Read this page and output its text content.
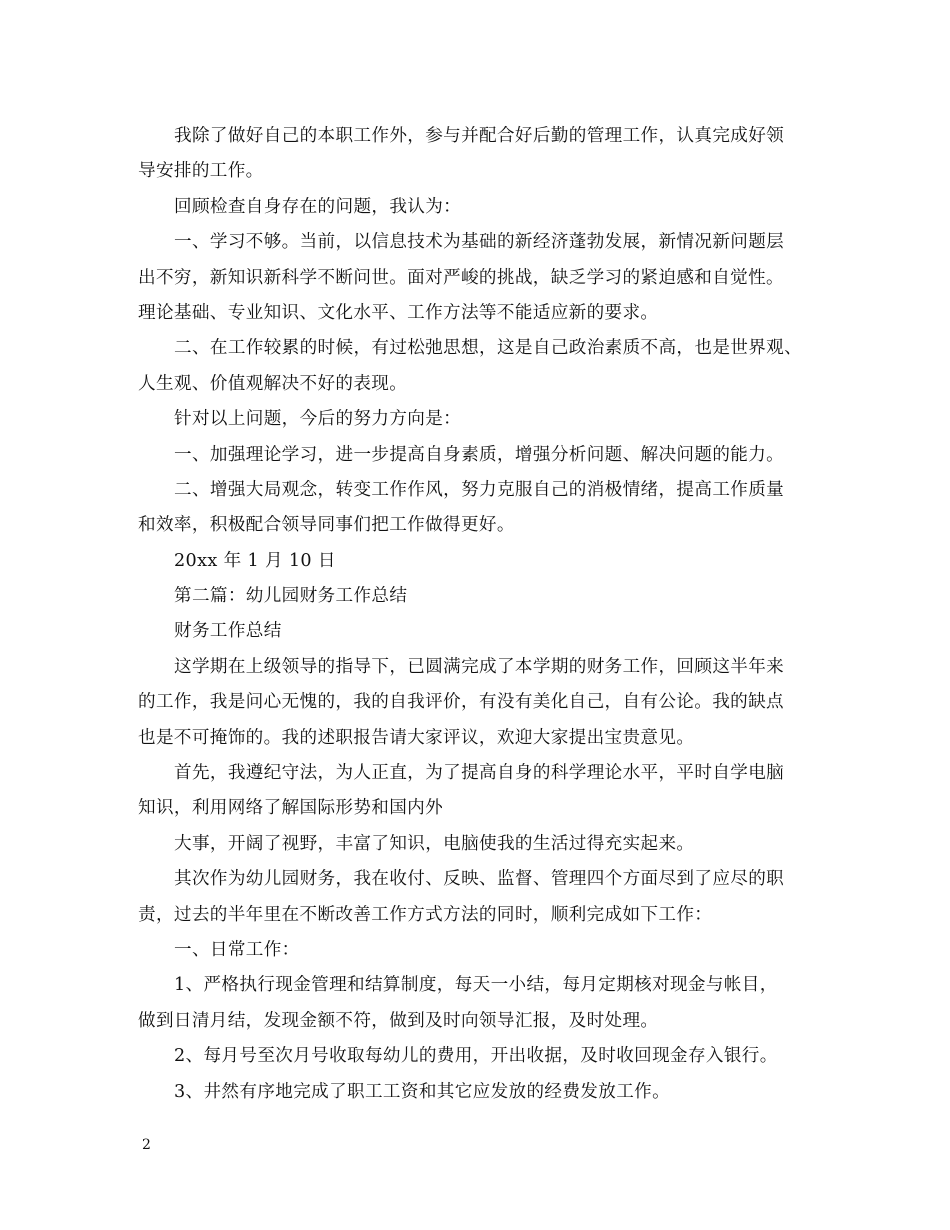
我除了做好自己的本职工作外，参与并配合好后勤的管理工作，认真完成好领
导安排的工作。
回顾检查自身存在的问题，我认为：
一、学习不够。当前，以信息技术为基础的新经济蓬勃发展，新情况新问题层
出不穷，新知识新科学不断问世。面对严峻的挑战，缺乏学习的紧迫感和自觉性。
理论基础、专业知识、文化水平、工作方法等不能适应新的要求。
二、在工作较累的时候，有过松弛思想，这是自己政治素质不高，也是世界观、
人生观、价值观解决不好的表现。
针对以上问题，今后的努力方向是：
一、加强理论学习，进一步提高自身素质，增强分析问题、解决问题的能力。
二、增强大局观念，转变工作作风，努力克服自己的消极情绪，提高工作质量
和效率，积极配合领导同事们把工作做得更好。
20xx 年 1 月 10 日
第二篇：幼儿园财务工作总结
财务工作总结
这学期在上级领导的指导下，已圆满完成了本学期的财务工作，回顾这半年来
的工作，我是问心无愧的，我的自我评价，有没有美化自己，自有公论。我的缺点
也是不可掩饰的。我的述职报告请大家评议，欢迎大家提出宝贵意见。
首先，我遵纪守法，为人正直，为了提高自身的科学理论水平，平时自学电脑
知识，利用网络了解国际形势和国内外
大事，开阔了视野，丰富了知识，电脑使我的生活过得充实起来。
其次作为幼儿园财务，我在收付、反映、监督、管理四个方面尽到了应尽的职
责，过去的半年里在不断改善工作方式方法的同时，顺利完成如下工作：
一、日常工作：
1、严格执行现金管理和结算制度，每天一小结，每月定期核对现金与帐目，
做到日清月结，发现金额不符，做到及时向领导汇报，及时处理。
2、每月号至次月号收取每幼儿的费用，开出收据，及时收回现金存入银行。
3、井然有序地完成了职工工资和其它应发放的经费发放工作。
2
